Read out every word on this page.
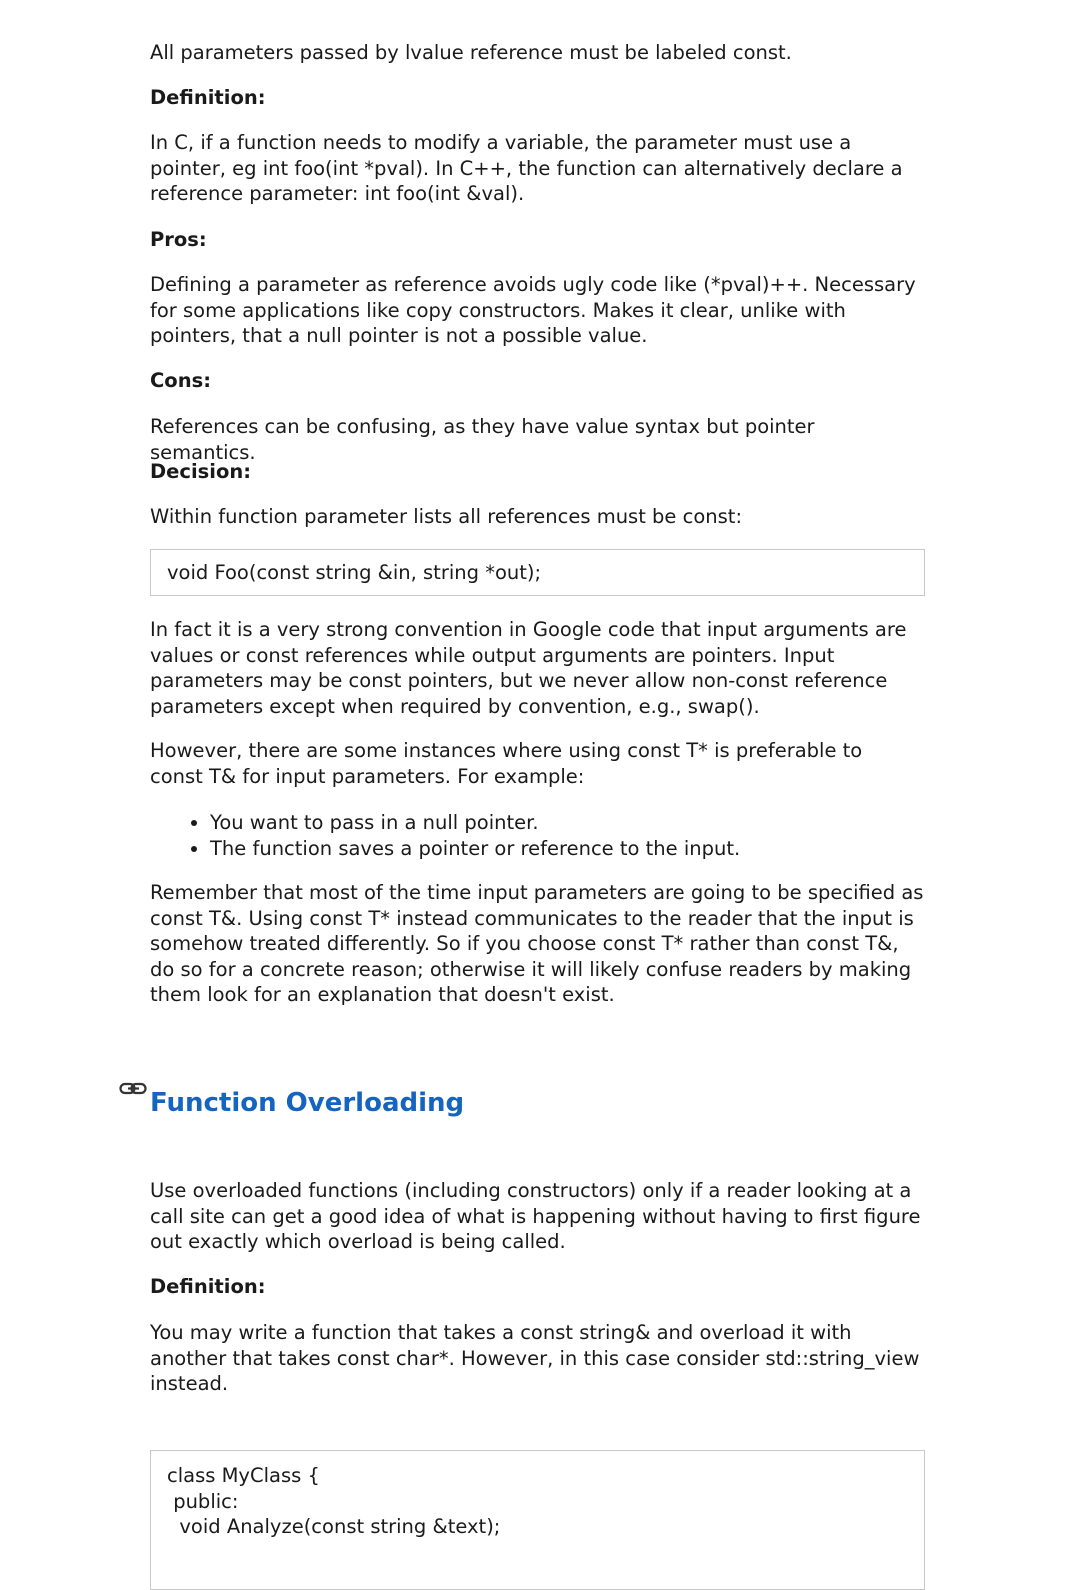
All parameters passed by lvalue reference must be labeled const.

Definition:

In C, if a function needs to modify a variable, the parameter must use a pointer, eg int foo(int *pval). In C++, the function can alternatively declare a reference parameter: int foo(int &val).

Pros:

Defining a parameter as reference avoids ugly code like (*pval)++. Necessary for some applications like copy constructors. Makes it clear, unlike with pointers, that a null pointer is not a possible value.

Cons:

References can be confusing, as they have value syntax but pointer semantics.

Decision:

Within function parameter lists all references must be const:

void Foo(const string &in, string *out);

In fact it is a very strong convention in Google code that input arguments are values or const references while output arguments are pointers. Input parameters may be const pointers, but we never allow non-const reference parameters except when required by convention, e.g., swap().

However, there are some instances where using const T* is preferable to const T& for input parameters. For example:

• You want to pass in a null pointer.
• The function saves a pointer or reference to the input.

Remember that most of the time input parameters are going to be specified as const T&. Using const T* instead communicates to the reader that the input is somehow treated differently. So if you choose const T* rather than const T&, do so for a concrete reason; otherwise it will likely confuse readers by making them look for an explanation that doesn't exist.

Function Overloading

Use overloaded functions (including constructors) only if a reader looking at a call site can get a good idea of what is happening without having to first figure out exactly which overload is being called.

Definition:

You may write a function that takes a const string& and overload it with another that takes const char*. However, in this case consider std::string_view instead.

class MyClass {
public:
void Analyze(const string &text);
